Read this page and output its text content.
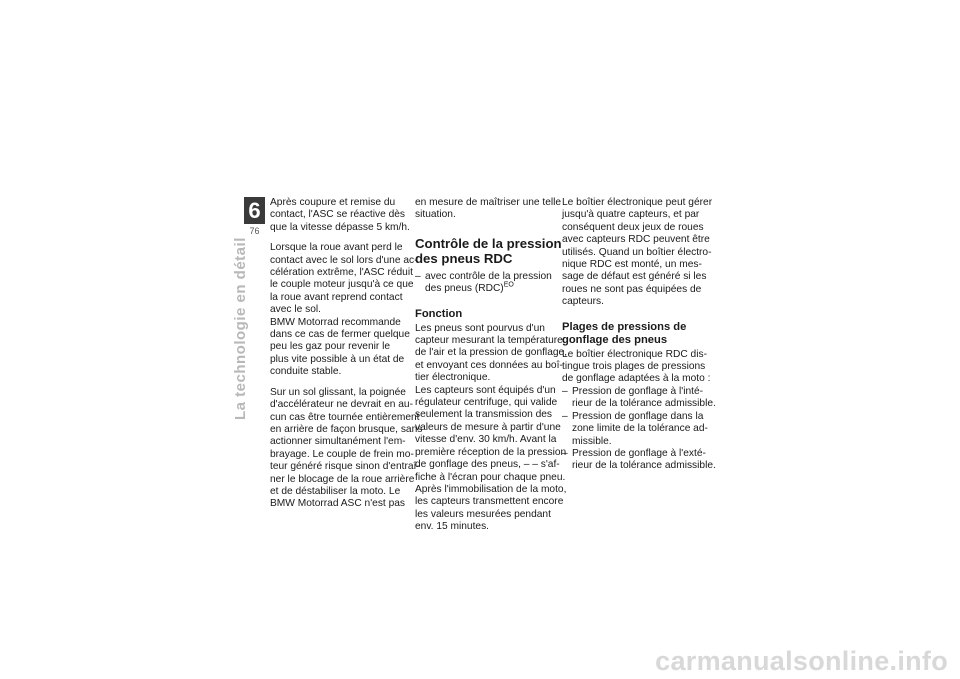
6
76
La technologie en détail

Après coupure et remise du
contact, l'ASC se réactive dès
que la vitesse dépasse 5 km/h.

Lorsque la roue avant perd le
contact avec le sol lors d'une ac-
célération extrême, l'ASC réduit
le couple moteur jusqu'à ce que
la roue avant reprend contact
avec le sol.

BMW Motorrad recommande
dans ce cas de fermer quelque
peu les gaz pour revenir le
plus vite possible à un état de
conduite stable.

Sur un sol glissant, la poignée
d'accélérateur ne devrait en au-
cun cas être tournée entièrement
en arrière de façon brusque, sans
actionner simultanément l'em-
brayage. Le couple de frein mo-
teur généré risque sinon d'entraî-
ner le blocage de la roue arrière
et de déstabiliser la moto. Le
BMW Motorrad ASC n'est pas

en mesure de maîtriser une telle
situation.

Contrôle de la pression
des pneus RDC
– avec contrôle de la pression
des pneus (RDC)$^{EO}$
Fonction

Les pneus sont pourvus d'un
capteur mesurant la température
de l'air et la pression de gonflage,
et envoyant ces données au boî-
tier électronique.

Les capteurs sont équipés d'un
régulateur centrifuge, qui valide
seulement la transmission des
valeurs de mesure à partir d'une
vitesse d'env. 30 km/h. Avant la
première réception de la pression
de gonflage des pneus, – – s'af-
fiche à l'écran pour chaque pneu.
Après l'immobilisation de la moto,
les capteurs transmettent encore
les valeurs mesurées pendant
env. 15 minutes.

Le boîtier électronique peut gérer
jusqu'à quatre capteurs, et par
conséquent deux jeux de roues
avec capteurs RDC peuvent être
utilisés. Quand un boîtier électro-
nique RDC est monté, un mes-
sage de défaut est généré si les
roues ne sont pas équipées de
capteurs.

Plages de pressions de
gonflage des pneus

Le boîtier électronique RDC dis-
tingue trois plages de pressions
de gonflage adaptées à la moto :

– Pression de gonflage à l'inté-
rieur de la tolérance admissible.
– Pression de gonflage dans la
zone limite de la tolérance ad-
missible.
– Pression de gonflage à l'exté-
rieur de la tolérance admissible.
carmanualsonline.info
